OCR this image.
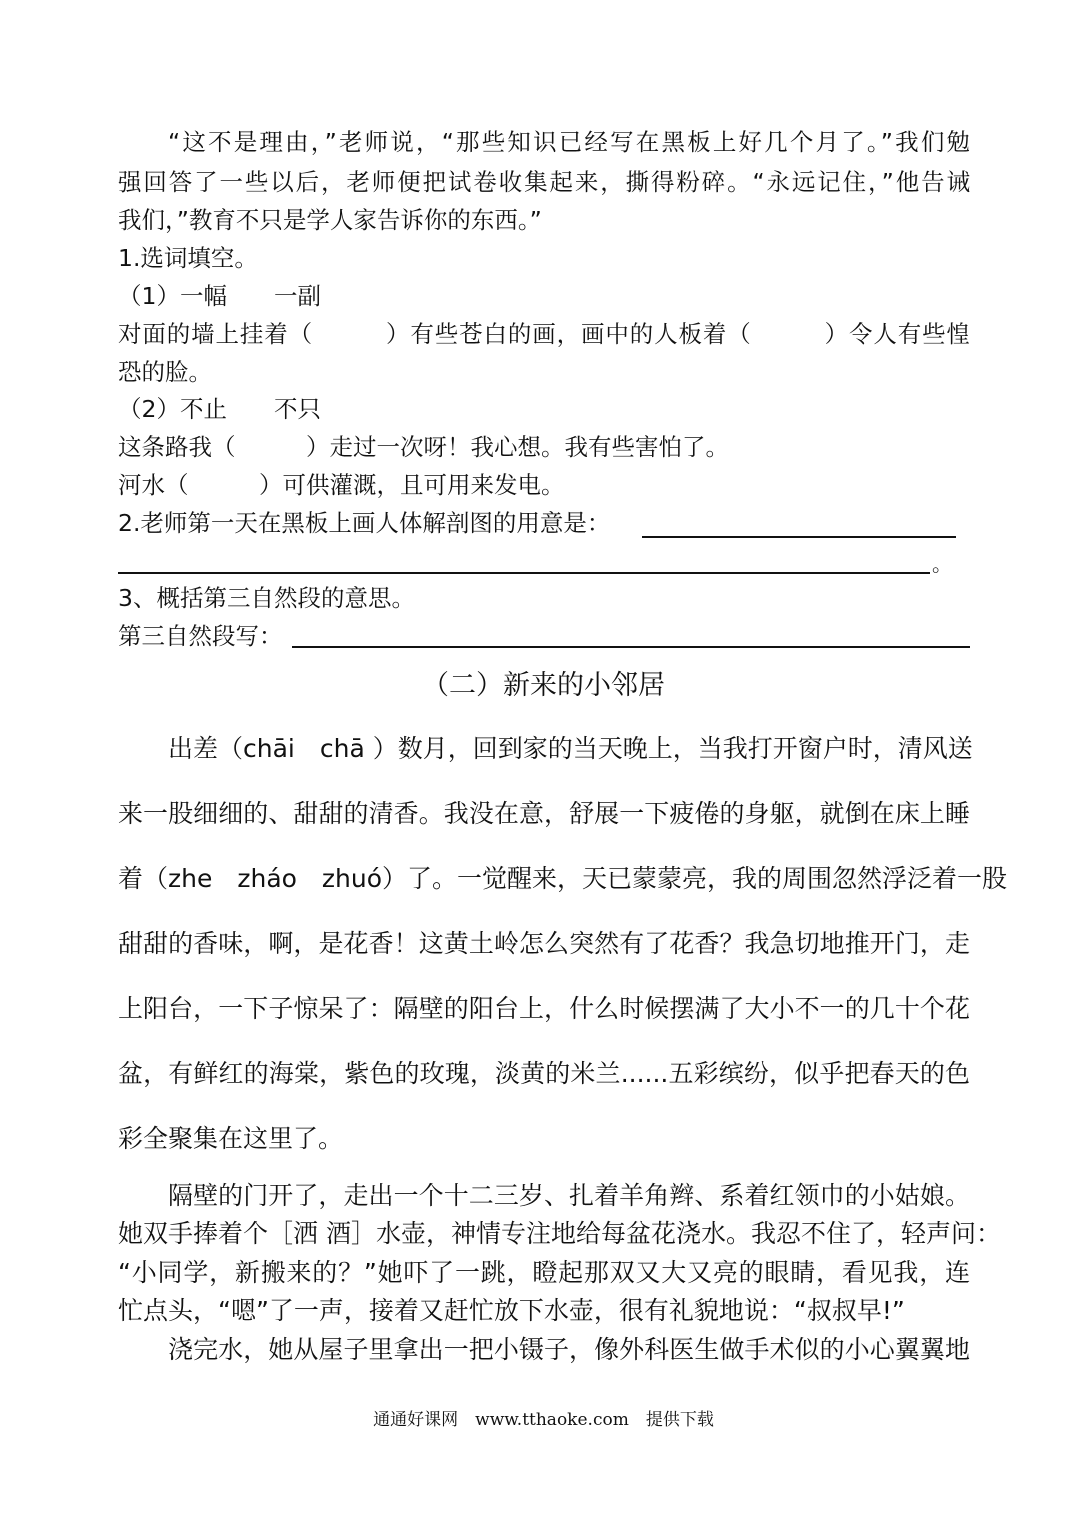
“这不是理由，”老师说，“那些知识已经写在黑板上好几个月了。”我们勉
强回答了一些以后，老师便把试卷收集起来，撕得粉碎。“永远记住，”他告诫
我们，”教育不只是学人家告诉你的东西。”
1.选词填空。
（1）一幅　　一副
对面的墙上挂着（　　　）有些苍白的画，画中的人板着（　　　）令人有些惶
恐的脸。
（2）不止　　不只
这条路我（　　　）走过一次呀！我心想。我有些害怕了。
河水（　　　）可供灌溉，且可用来发电。
2.老师第一天在黑板上画人体解剖图的用意是：
。
3、概括第三自然段的意思。
第三自然段写：
（二）新来的小邻居
出差（chāi　chā ）数月，回到家的当天晚上，当我打开窗户时，清风送
来一股细细的、甜甜的清香。我没在意，舒展一下疲倦的身躯，就倒在床上睡
着（zhe　zháo　zhuó）了。一觉醒来，天已蒙蒙亮，我的周围忽然浮泛着一股
甜甜的香味，啊，是花香！这黄土岭怎么突然有了花香？我急切地推开门，走
上阳台，一下子惊呆了：隔壁的阳台上，什么时候摆满了大小不一的几十个花
盆，有鲜红的海棠，紫色的玫瑰，淡黄的米兰......五彩缤纷，似乎把春天的色
彩全聚集在这里了。
隔壁的门开了，走出一个十二三岁、扎着羊角辫、系着红领巾的小姑娘。
她双手捧着个［洒 酒］水壶，神情专注地给每盆花浇水。我忍不住了，轻声问：
“小同学，新搬来的？”她吓了一跳，瞪起那双又大又亮的眼睛，看见我，连
忙点头，“嗯”了一声，接着又赶忙放下水壶，很有礼貌地说：“叔叔早!”
浇完水，她从屋子里拿出一把小镊子，像外科医生做手术似的小心翼翼地
通通好课网　www.tthaoke.com　提供下载
